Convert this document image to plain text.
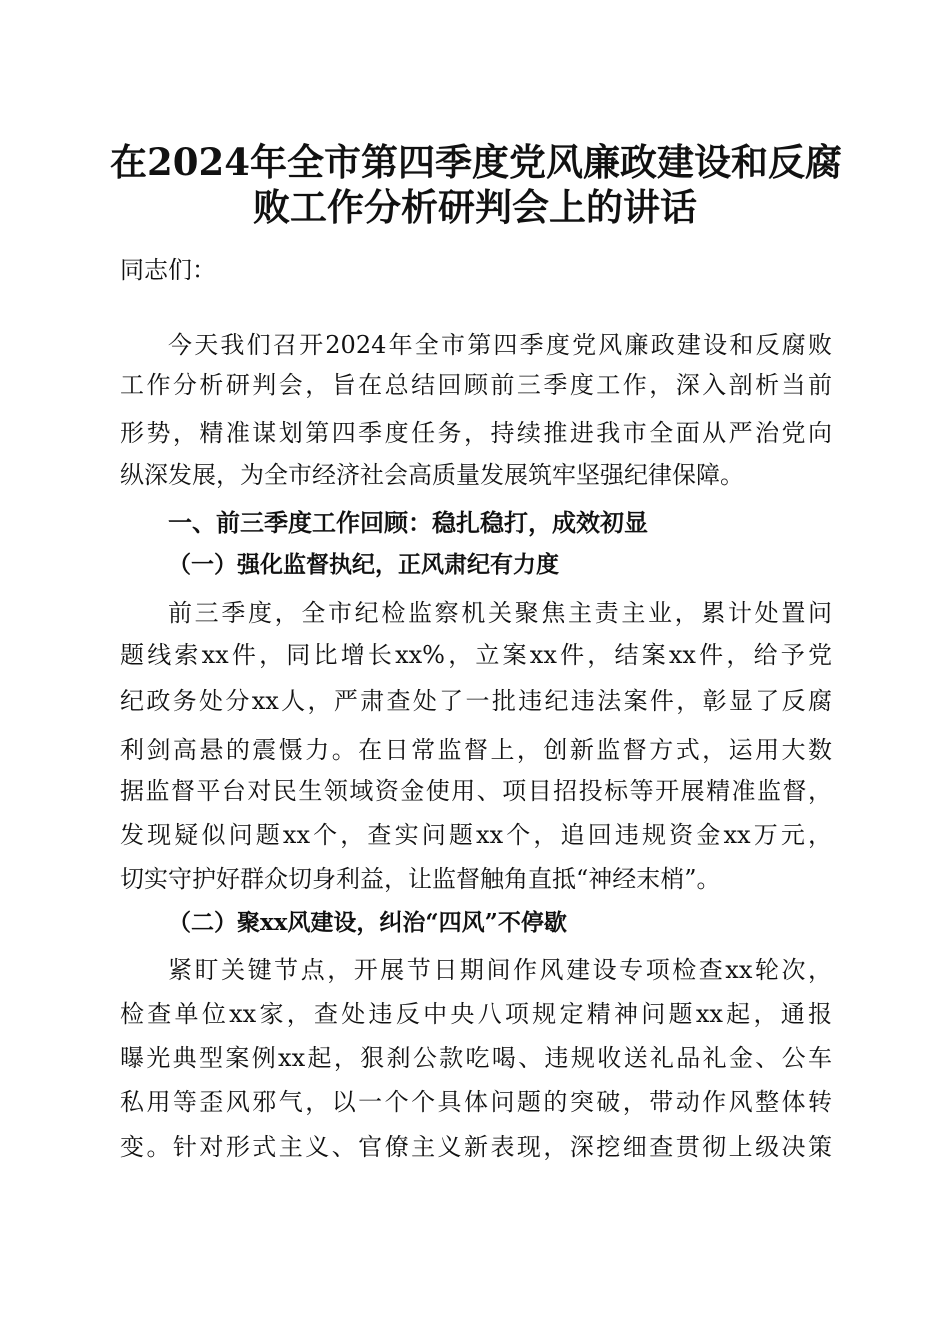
在2024年全市第四季度党风廉政建设和反腐
败工作分析研判会上的讲话
同志们：
今天我们召开2024年全市第四季度党风廉政建设和反腐败
工作分析研判会，旨在总结回顾前三季度工作，深入剖析当前
形势，精准谋划第四季度任务，持续推进我市全面从严治党向
纵深发展，为全市经济社会高质量发展筑牢坚强纪律保障。
一、前三季度工作回顾：稳扎稳打，成效初显
（一）强化监督执纪，正风肃纪有力度
前三季度，全市纪检监察机关聚焦主责主业，累计处置问
题线索xx件，同比增长xx%，立案xx件，结案xx件，给予党
纪政务处分xx人，严肃查处了一批违纪违法案件，彰显了反腐
利剑高悬的震慑力。在日常监督上，创新监督方式，运用大数
据监督平台对民生领域资金使用、项目招投标等开展精准监督，
发现疑似问题xx个，查实问题xx个，追回违规资金xx万元，
切实守护好群众切身利益，让监督触角直抵“神经末梢”。
（二）聚xx风建设，纠治“四风”不停歇
紧盯关键节点，开展节日期间作风建设专项检查xx轮次，
检查单位xx家，查处违反中央八项规定精神问题xx起，通报
曝光典型案例xx起，狠刹公款吃喝、违规收送礼品礼金、公车
私用等歪风邪气，以一个个具体问题的突破，带动作风整体转
变。针对形式主义、官僚主义新表现，深挖细查贯彻上级决策
